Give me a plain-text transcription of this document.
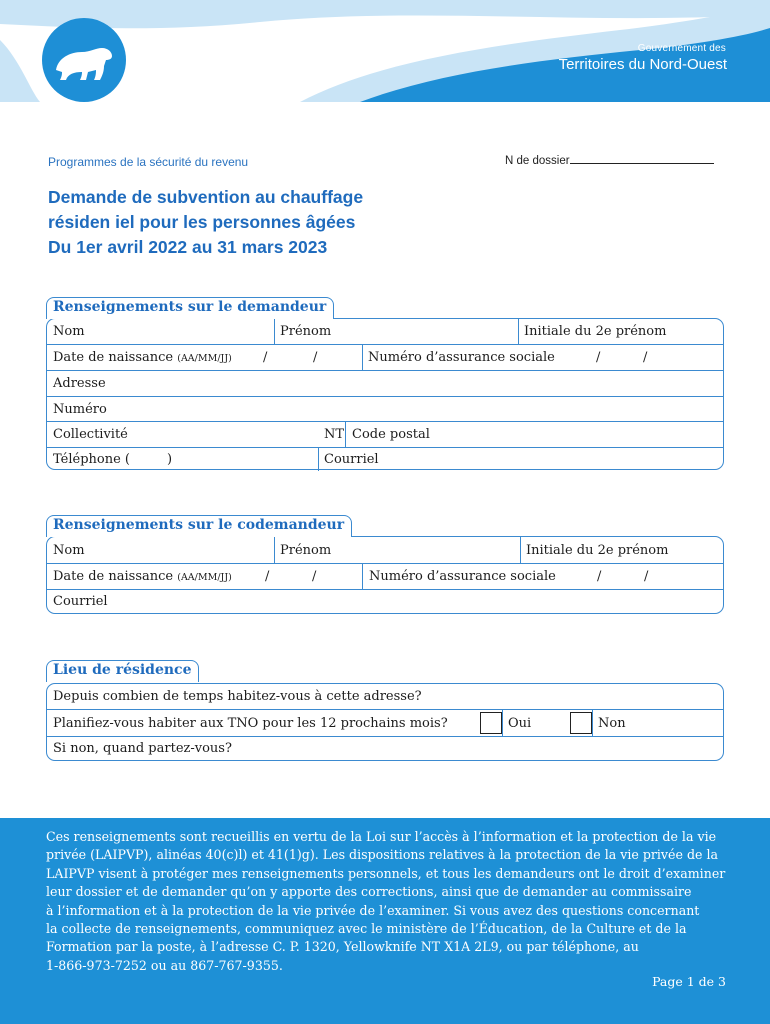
Gouvernement des
Territoires du Nord-Ouest
Programmes de la sécurité du revenu	N de dossier
Demande de subvention au chauffage
résiden iel pour les personnes âgées
Du 1er avril 2022 au 31 mars 2023
Renseignements sur le demandeur
Nom	Prénom	Initiale du 2e prénom
Date de naissance (AA/MM/JJ) /	/	Numéro d’assurance sociale	/	/
Adresse
Numéro
Collectivité	NT Code postal
Téléphone (	)	Courriel
Renseignements sur le codemandeur
Nom	Prénom	Initiale du 2e prénom
Date de naissance (AA/MM/JJ)	/	/	Numéro d’assurance sociale	/	/
Courriel
Lieu de résidence
Depuis combien de temps habitez-vous à cette adresse?
Planifiez-vous habiter aux TNO pour les 12 prochains mois?	Oui	Non
Si non, quand partez-vous?
Ces renseignements sont recueillis en vertu de la Loi sur l’accès à l’information et la protection de la vie
privée (LAIPVP), alinéas 40(c)l) et 41(1)g). Les dispositions relatives à la protection de la vie privée de la
LAIPVP visent à protéger mes renseignements personnels, et tous les demandeurs ont le droit d’examiner
leur dossier et de demander qu’on y apporte des corrections, ainsi que de demander au commissaire
à l’information et à la protection de la vie privée de l’examiner. Si vous avez des questions concernant
la collecte de renseignements, communiquez avec le ministère de l’Éducation, de la Culture et de la
Formation par la poste, à l’adresse C. P. 1320, Yellowknife NT X1A 2L9, ou par téléphone, au
1-866-973-7252 ou au 867-767-9355.
Page 1 de 3
